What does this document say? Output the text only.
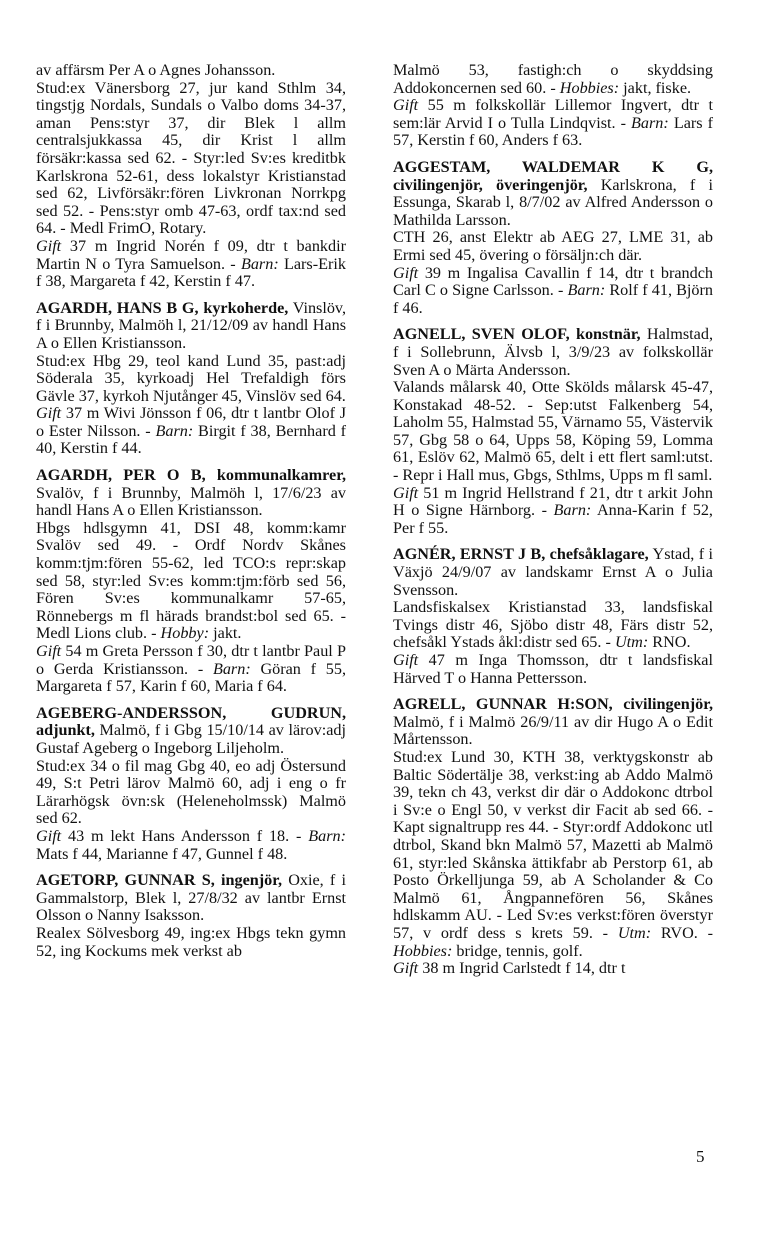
av affärsm Per A o Agnes Johansson.

Stud:ex Vänersborg 27, jur kand Sthlm 34, tingstjg Nordals, Sundals o Valbo doms 34-37, aman Pens:styr 37, dir Blek l allm centralsjukkassa 45, dir Krist l allm försäkr:kassa sed 62. - Styr:led Sv:es kreditbk Karlskrona 52-61, dess lokalstyr Kristianstad sed 62, Livförsäkr:fören Livkronan Norrkpg sed 52. - Pens:styr omb 47-63, ordf tax:nd sed 64. - Medl FrimO, Rotary.

Gift 37 m Ingrid Norén f 09, dtr t bankdir Martin N o Tyra Samuelson. - Barn: Lars-Erik f 38, Margareta f 42, Kerstin f 47.

AGARDH, HANS B G, kyrkoherde, Vinslöv, f i Brunnby, Malmöh l, 21/12/09 av handl Hans A o Ellen Kristiansson.

Stud:ex Hbg 29, teol kand Lund 35, past:adj Söderala 35, kyrkoadj Hel Trefaldigh förs Gävle 37, kyrkoh Njutånger 45, Vinslöv sed 64.

Gift 37 m Wivi Jönsson f 06, dtr t lantbr Olof J o Ester Nilsson. - Barn: Birgit f 38, Bernhard f 40, Kerstin f 44.

AGARDH, PER O B, kommunalkamrer, Svalöv, f i Brunnby, Malmöh l, 17/6/23 av handl Hans A o Ellen Kristiansson.

Hbgs hdlsgymn 41, DSI 48, komm:kamr Svalöv sed 49. - Ordf Nordv Skånes komm:tjm:fören 55-62, led TCO:s repr:skap sed 58, styr:led Sv:es komm:tjm:förb sed 56, Fören Sv:es kommunalkamr 57-65, Rönnebergs m fl härads brandst:bol sed 65. - Medl Lions club. - Hobby: jakt.

Gift 54 m Greta Persson f 30, dtr t lantbr Paul P o Gerda Kristiansson. - Barn: Göran f 55, Margareta f 57, Karin f 60, Maria f 64.

AGEBERG-ANDERSSON, GUDRUN, adjunkt, Malmö, f i Gbg 15/10/14 av lärov:adj Gustaf Ageberg o Ingeborg Liljeholm.

Stud:ex 34 o fil mag Gbg 40, eo adj Östersund 49, S:t Petri lärov Malmö 60, adj i eng o fr Lärarhögsk övn:sk (Heleneholmssk) Malmö sed 62.

Gift 43 m lekt Hans Andersson f 18. - Barn: Mats f 44, Marianne f 47, Gunnel f 48.

AGETORP, GUNNAR S, ingenjör, Oxie, f i Gammalstorp, Blek l, 27/8/32 av lantbr Ernst Olsson o Nanny Isaksson.

Realex Sölvesborg 49, ing:ex Hbgs tekn gymn 52, ing Kockums mek verkst ab

Malmö 53, fastigh:ch o skyddsing Addokoncernen sed 60. - Hobbies: jakt, fiske.

Gift 55 m folkskollär Lillemor Ingvert, dtr t sem:lär Arvid I o Tulla Lindqvist. - Barn: Lars f 57, Kerstin f 60, Anders f 63.

AGGESTAM, WALDEMAR K G, civilingenjör, överingenjör, Karlskrona, f i Essunga, Skarab l, 8/7/02 av Alfred Andersson o Mathilda Larsson.

CTH 26, anst Elektr ab AEG 27, LME 31, ab Ermi sed 45, övering o försäljn:ch där.

Gift 39 m Ingalisa Cavallin f 14, dtr t brandch Carl C o Signe Carlsson. - Barn: Rolf f 41, Björn f 46.

AGNELL, SVEN OLOF, konstnär, Halmstad, f i Sollebrunn, Älvsb l, 3/9/23 av folkskollär Sven A o Märta Andersson.

Valands målarsk 40, Otte Skölds målarsk 45-47, Konstakad 48-52. - Sep:utst Falkenberg 54, Laholm 55, Halmstad 55, Värnamo 55, Västervik 57, Gbg 58 o 64, Upps 58, Köping 59, Lomma 61, Eslöv 62, Malmö 65, delt i ett flert saml:utst. - Repr i Hall mus, Gbgs, Sthlms, Upps m fl saml.

Gift 51 m Ingrid Hellstrand f 21, dtr t arkit John H o Signe Härnborg. - Barn: Anna-Karin f 52, Per f 55.

AGNÉR, ERNST J B, chefsåklagare, Ystad, f i Växjö 24/9/07 av landskamr Ernst A o Julia Svensson.

Landsfiskalsex Kristianstad 33, landsfiskal Tvings distr 46, Sjöbo distr 48, Färs distr 52, chefsåkl Ystads åkl:distr sed 65. - Utm: RNO.

Gift 47 m Inga Thomsson, dtr t landsfiskal Härved T o Hanna Pettersson.

AGRELL, GUNNAR H:SON, civilingenjör, Malmö, f i Malmö 26/9/11 av dir Hugo A o Edit Mårtensson.

Stud:ex Lund 30, KTH 38, verktygskonstr ab Baltic Södertälje 38, verkst:ing ab Addo Malmö 39, tekn ch 43, verkst dir där o Addokonc dtrbol i Sv:e o Engl 50, v verkst dir Facit ab sed 66. - Kapt signaltrupp res 44. - Styr:ordf Addokonc utl dtrbol, Skand bkn Malmö 57, Mazetti ab Malmö 61, styr:led Skånska ättikfabr ab Perstorp 61, ab Posto Örkelljunga 59, ab A Scholander & Co Malmö 61, Ångpannefören 56, Skånes hdlskamm AU. - Led Sv:es verkst:fören överstyr 57, v ordf dess s krets 59. - Utm: RVO. - Hobbies: bridge, tennis, golf.

Gift 38 m Ingrid Carlstedt f 14, dtr t

5
